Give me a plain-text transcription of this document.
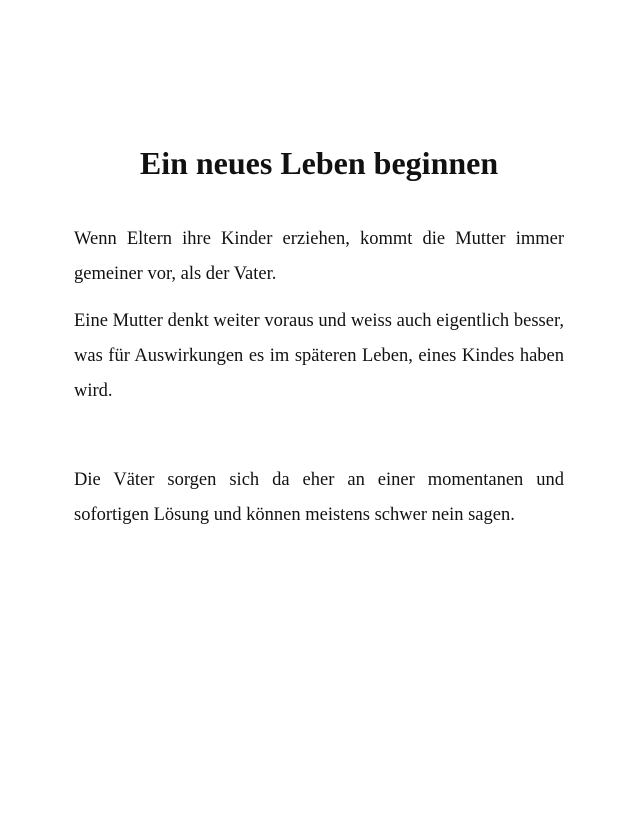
Ein neues Leben beginnen

Wenn Eltern ihre Kinder erziehen, kommt die Mutter immer gemeiner vor, als der Vater.

Eine Mutter denkt weiter voraus und weiss auch eigentlich besser, was für Auswirkungen es im späteren Leben, eines Kindes haben wird.

Die Väter sorgen sich da eher an einer momentanen und sofortigen Lösung und können meistens schwer nein sagen.
